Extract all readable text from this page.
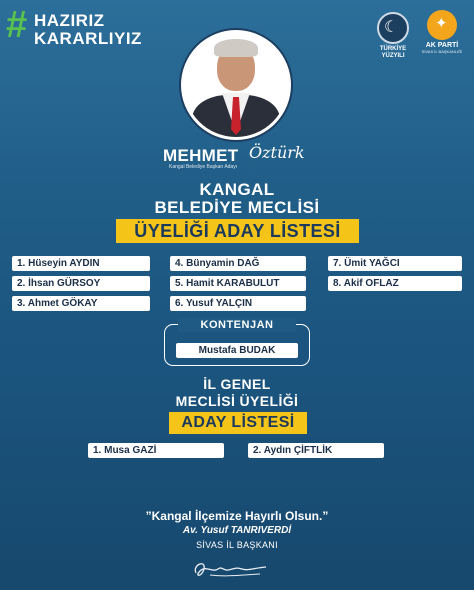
# HAZIRIZ
KARARLIYIZ
☾
TÜRKİYE YÜZYILI
✦
AK PARTİ
SİVAS İL BAŞKANLIĞI
MEHMET Öztürk
Kangal Belediye Başkan Adayı
KANGAL
BELEDİYE MECLİSİ
ÜYELİĞİ ADAY LİSTESİ
1. Hüseyin AYDIN
2. İhsan GÜRSOY
3. Ahmet GÖKAY
4. Bünyamin DAĞ
5. Hamit KARABULUT
6. Yusuf YALÇIN
7. Ümit YAĞCI
8. Akif OFLAZ
KONTENJAN
Mustafa BUDAK
İL GENEL
MECLİSİ ÜYELİĞİ
ADAY LİSTESİ
1. Musa GAZİ	2. Aydın ÇİFTLİK
”Kangal İlçemize Hayırlı Olsun.”
Av. Yusuf TANRIVERDİ
SİVAS İL BAŞKANI
